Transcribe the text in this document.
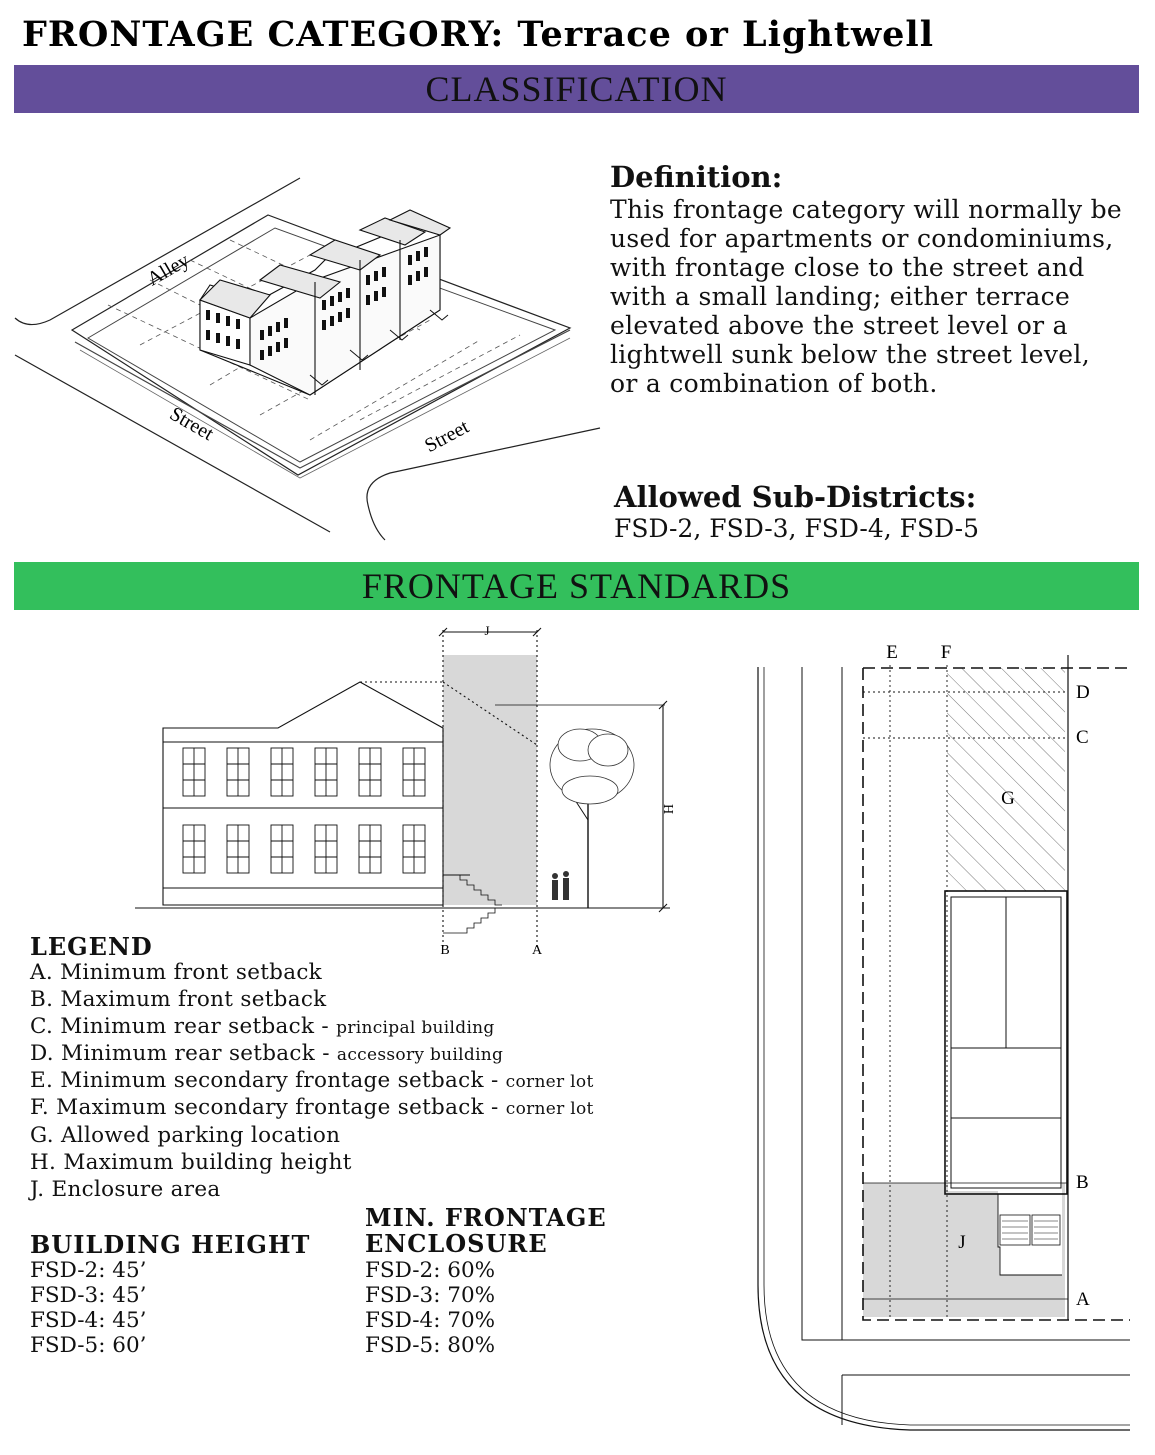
FRONTAGE CATEGORY: Terrace or Lightwell
CLASSIFICATION
Alley
Street	Street
Definition:
This frontage category will normally be
used for apartments or condominiums,
with frontage close to the street and
with a small landing; either terrace
elevated above the street level or a
lightwell sunk below the street level,
or a combination of both.
Allowed Sub-Districts:
FSD-2, FSD-3, FSD-4, FSD-5
FRONTAGE STANDARDS
J
H
B	A
E F
D
C
G
B
J
A
LEGEND
A. Minimum front setback
B. Maximum front setback
C. Minimum rear setback - principal building
D. Minimum rear setback - accessory building
E. Minimum secondary frontage setback - corner lot
F. Maximum secondary frontage setback - corner lot
G. Allowed parking location
H. Maximum building height
J. Enclosure area
BUILDING HEIGHT
FSD-2: 45’
FSD-3: 45’
FSD-4: 45’
FSD-5: 60’
MIN. FRONTAGE
ENCLOSURE
FSD-2: 60%
FSD-3: 70%
FSD-4: 70%
FSD-5: 80%
